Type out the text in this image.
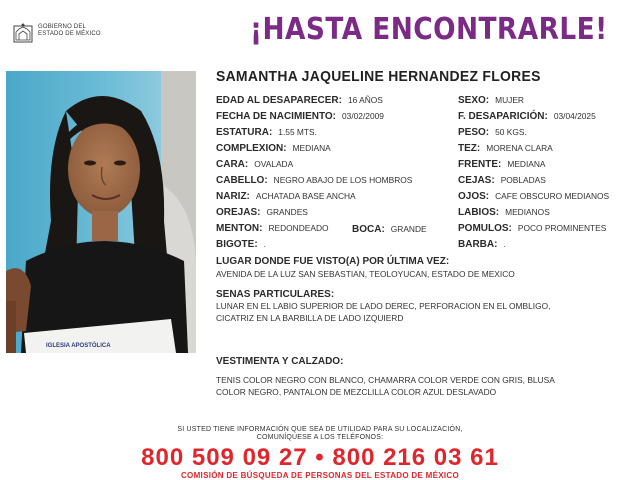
GOBIERNO DEL
ESTADO DE MÉXICO	¡HASTA ENCONTRARLE!
IGLESIA APOSTÓLICA
SAMANTHA JAQUELINE HERNANDEZ FLORES
EDAD AL DESAPARECER: 16 AÑOS
FECHA DE NACIMIENTO: 03/02/2009
ESTATURA: 1.55 MTS.
COMPLEXION: MEDIANA
CARA: OVALADA
CABELLO: NEGRO ABAJO DE LOS HOMBROS
NARIZ: ACHATADA BASE ANCHA
OREJAS: GRANDES
MENTON: REDONDEADO BOCA: GRANDE
BIGOTE: .
SEXO: MUJER
F. DESAPARICIÓN: 03/04/2025
PESO: 50 KGS.
TEZ: MORENA CLARA
FRENTE: MEDIANA
CEJAS: POBLADAS
OJOS: CAFE OBSCURO MEDIANOS
LABIOS: MEDIANOS
POMULOS: POCO PROMINENTES
BARBA: .
LUGAR DONDE FUE VISTO(A) POR ÚLTIMA VEZ:
AVENIDA DE LA LUZ SAN SEBASTIAN, TEOLOYUCAN, ESTADO DE MEXICO
SENAS PARTICULARES:
LUNAR EN EL LABIO SUPERIOR DE LADO DEREC, PERFORACION EN EL OMBLIGO,
CICATRIZ EN LA BARBILLA DE LADO IZQUIERD
VESTIMENTA Y CALZADO:
TENIS COLOR NEGRO CON BLANCO, CHAMARRA COLOR VERDE CON GRIS, BLUSA
COLOR NEGRO, PANTALON DE MEZCLILLA COLOR AZUL DESLAVADO
SI USTED TIENE INFORMACIÓN QUE SEA DE UTILIDAD PARA SU LOCALIZACIÓN,
COMUNÍQUESE A LOS TELÉFONOS:
800 509 09 27 • 800 216 03 61
COMISIÓN DE BÚSQUEDA DE PERSONAS DEL ESTADO DE MÉXICO
